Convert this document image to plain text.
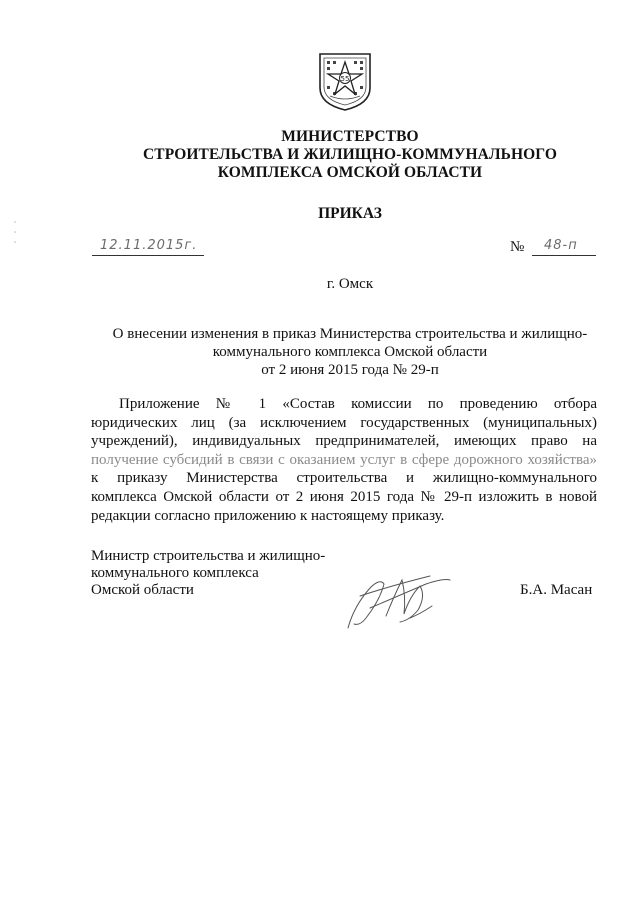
55
МИНИСТЕРСТВО
СТРОИТЕЛЬСТВА И ЖИЛИЩНО-КОММУНАЛЬНОГО
КОМПЛЕКСА ОМСКОЙ ОБЛАСТИ
ПРИКАЗ
12.11.2015г.	№ 48-п
г. Омск
О внесении изменения в приказ Министерства строительства и жилищно-
коммунального комплекса Омской области
от 2 июня 2015 года № 29-п
Приложение № 1 «Состав комиссии по проведению отбора
юридических лиц (за исключением государственных (муниципальных)
учреждений), индивидуальных предпринимателей, имеющих право на
получение субсидий в связи с оказанием услуг в сфере дорожного хозяйства»
к приказу Министерства строительства и жилищно-коммунального
комплекса Омской области от 2 июня 2015 года № 29-п изложить в новой
редакции согласно приложению к настоящему приказу.
Министр строительства и жилищно-
коммунального комплекса
Омской области	Б.А. Масан
